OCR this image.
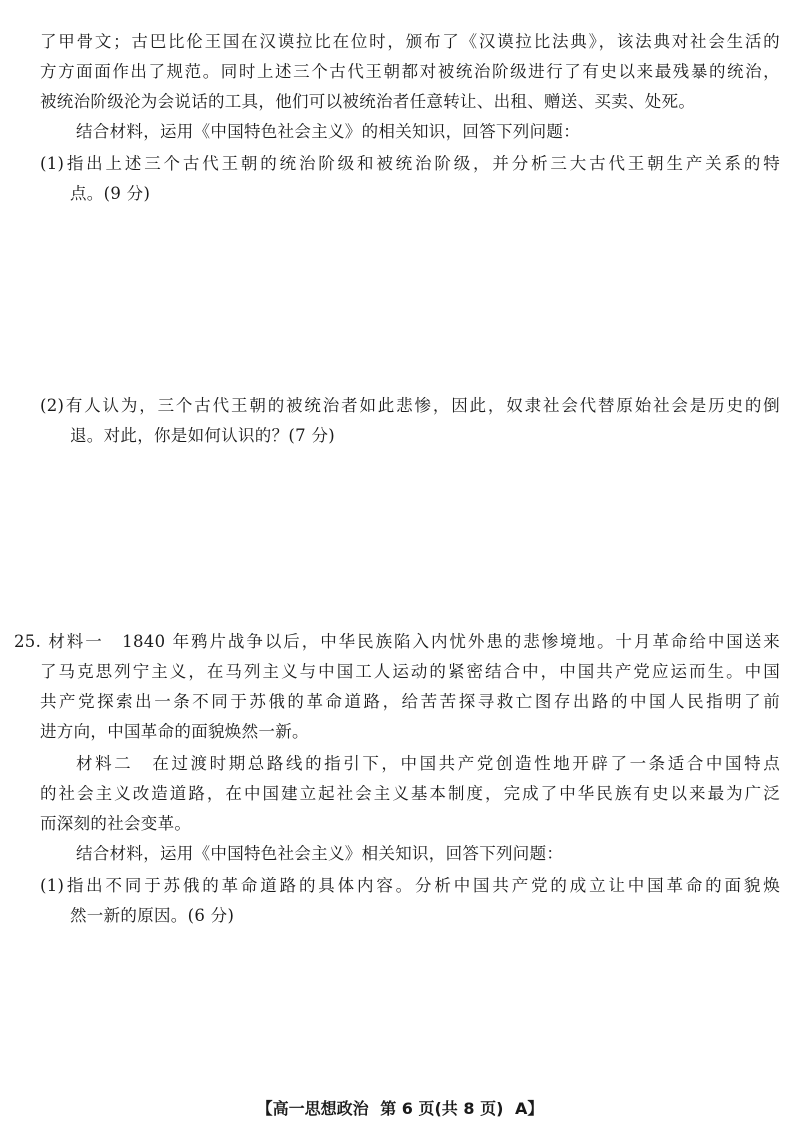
了甲骨文；古巴比伦王国在汉谟拉比在位时，颁布了《汉谟拉比法典》，该法典对社会生活的
方方面面作出了规范。同时上述三个古代王朝都对被统治阶级进行了有史以来最残暴的统治，
被统治阶级沦为会说话的工具，他们可以被统治者任意转让、出租、赠送、买卖、处死。
结合材料，运用《中国特色社会主义》的相关知识，回答下列问题：
(1)指出上述三个古代王朝的统治阶级和被统治阶级，并分析三大古代王朝生产关系的特
点。(9 分)
(2)有人认为，三个古代王朝的被统治者如此悲惨，因此，奴隶社会代替原始社会是历史的倒
退。对此，你是如何认识的？(7 分)
25. 材料一　1840 年鸦片战争以后，中华民族陷入内忧外患的悲惨境地。十月革命给中国送来
了马克思列宁主义，在马列主义与中国工人运动的紧密结合中，中国共产党应运而生。中国
共产党探索出一条不同于苏俄的革命道路，给苦苦探寻救亡图存出路的中国人民指明了前
进方向，中国革命的面貌焕然一新。
材料二　在过渡时期总路线的指引下，中国共产党创造性地开辟了一条适合中国特点
的社会主义改造道路，在中国建立起社会主义基本制度，完成了中华民族有史以来最为广泛
而深刻的社会变革。
结合材料，运用《中国特色社会主义》相关知识，回答下列问题：
(1)指出不同于苏俄的革命道路的具体内容。分析中国共产党的成立让中国革命的面貌焕
然一新的原因。(6 分)
【高一思想政治 第 6 页(共 8 页) A】
